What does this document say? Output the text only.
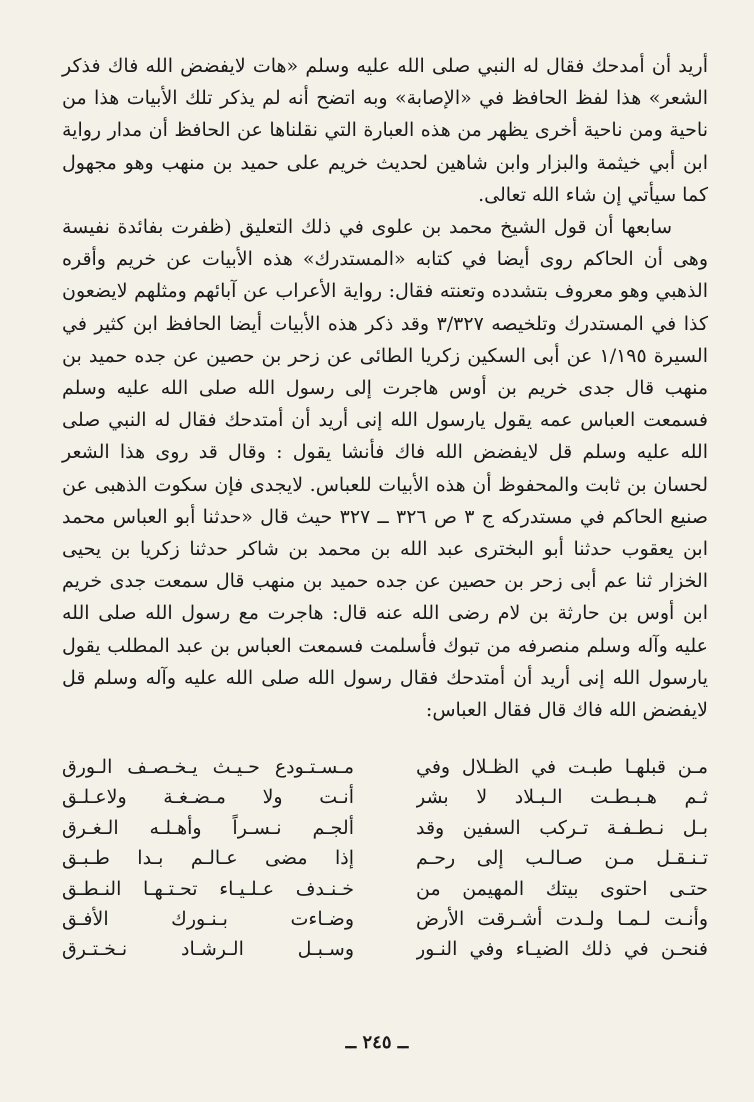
أريد أن أمدحك فقال له النبي صلى الله عليه وسلم «هات لايفضض الله فاك فذكر الشعر» هذا لفظ الحافظ في «الإصابة» وبه اتضح أنه لم يذكر تلك الأبيات هذا من ناحية ومن ناحية أخرى يظهر من هذه العبارة التي نقلناها عن الحافظ أن مدار رواية ابن أبي خيثمة والبزار وابن شاهين لحديث خريم على حميد بن منهب وهو مجهول كما سيأتي إن شاء الله تعالى.

سابعها أن قول الشيخ محمد بن علوى في ذلك التعليق (ظفرت بفائدة نفيسة وهى أن الحاكم روى أيضا في كتابه «المستدرك» هذه الأبيات عن خريم وأقره الذهبي وهو معروف بتشدده وتعنته فقال: رواية الأعراب عن آبائهم ومثلهم لايضعون كذا في المستدرك وتلخيصه ٣/٣٢٧ وقد ذكر هذه الأبيات أيضا الحافظ ابن كثير في السيرة ١/١٩٥ عن أبى السكين زكريا الطائى عن زحر بن حصين عن جده حميد بن منهب قال جدى خريم بن أوس هاجرت إلى رسول الله صلى الله عليه وسلم فسمعت العباس عمه يقول يارسول الله إنى أريد أن أمتدحك فقال له النبي صلى الله عليه وسلم قل لايفضض الله فاك فأنشا يقول : وقال قد روى هذا الشعر لحسان بن ثابت والمحفوظ أن هذه الأبيات للعباس. لايجدى فإن سكوت الذهبى عن صنيع الحاكم في مستدركه ج ٣ ص ٣٢٦ ــ ٣٢٧ حيث قال «حدثنا أبو العباس محمد ابن يعقوب حدثنا أبو البخترى عبد الله بن محمد بن شاكر حدثنا زكريا بن يحيى الخزار ثنا عم أبى زحر بن حصين عن جده حميد بن منهب قال سمعت جدى خريم ابن أوس بن حارثة بن لام رضى الله عنه قال: هاجرت مع رسول الله صلى الله عليه وآله وسلم منصرفه من تبوك فأسلمت فسمعت العباس بن عبد المطلب يقول يارسول الله إنى أريد أن أمتدحك فقال رسول الله صلى الله عليه وآله وسلم قل لايفضض الله فاك قال فقال العباس:

مـن قبلهـا طبـت في الظـلال وفي
ثـم هـبـطـت الـبـلاد لا بشر
بـل نـطـفـة تـركب السفين وقد
تـنـقـل مـن صـالـب إلى رحـم
حتـى احتوى بيتك المهيمن من
وأنـت لـمـا ولـدت أشـرقت الأرض
فنحـن في ذلك الضيـاء وفي النـور
مـسـتـودع حـيـث يـخـصـف الـورق
أنـت ولا مـضـغـة ولاعـلـق
ألجـم نـسـراً وأهـلـه الـغـرق
إذا مضى عـالـم بـدا طـبـق
خـنـدف عـلـيـاء تحـتـهـا النـطـق
وضـاءت بـنـورك الأفـق
وسـبـل الـرشـاد نـخـتـرق
ــ ٢٤٥ ــ
